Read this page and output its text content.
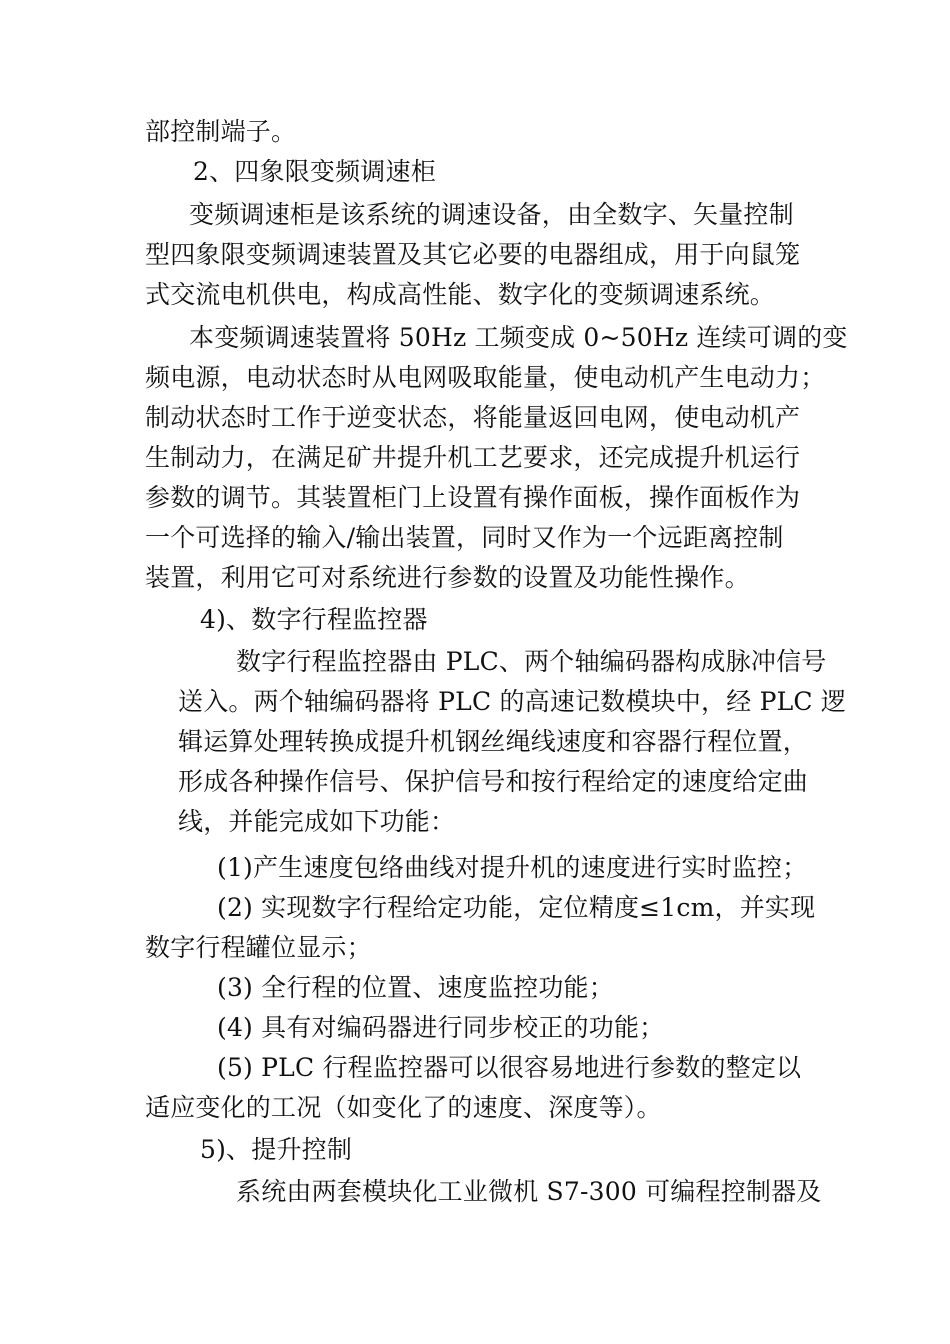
部控制端子。
2、四象限变频调速柜
变频调速柜是该系统的调速设备，由全数字、矢量控制
型四象限变频调速装置及其它必要的电器组成，用于向鼠笼
式交流电机供电，构成高性能、数字化的变频调速系统。
本变频调速装置将 50Hz 工频变成 0~50Hz 连续可调的变
频电源，电动状态时从电网吸取能量，使电动机产生电动力；
制动状态时工作于逆变状态，将能量返回电网，使电动机产
生制动力，在满足矿井提升机工艺要求，还完成提升机运行
参数的调节。其装置柜门上设置有操作面板，操作面板作为
一个可选择的输入/输出装置，同时又作为一个远距离控制
装置，利用它可对系统进行参数的设置及功能性操作。
4)、数字行程监控器
数字行程监控器由 PLC、两个轴编码器构成脉冲信号
送入。两个轴编码器将 PLC 的高速记数模块中，经 PLC 逻
辑运算处理转换成提升机钢丝绳线速度和容器行程位置，
形成各种操作信号、保护信号和按行程给定的速度给定曲
线，并能完成如下功能：
(1)产生速度包络曲线对提升机的速度进行实时监控；
(2) 实现数字行程给定功能，定位精度≤1cm，并实现
数字行程罐位显示；
(3) 全行程的位置、速度监控功能；
(4) 具有对编码器进行同步校正的功能；
(5) PLC 行程监控器可以很容易地进行参数的整定以
适应变化的工况（如变化了的速度、深度等）。
5)、提升控制
系统由两套模块化工业微机 S7-300 可编程控制器及
